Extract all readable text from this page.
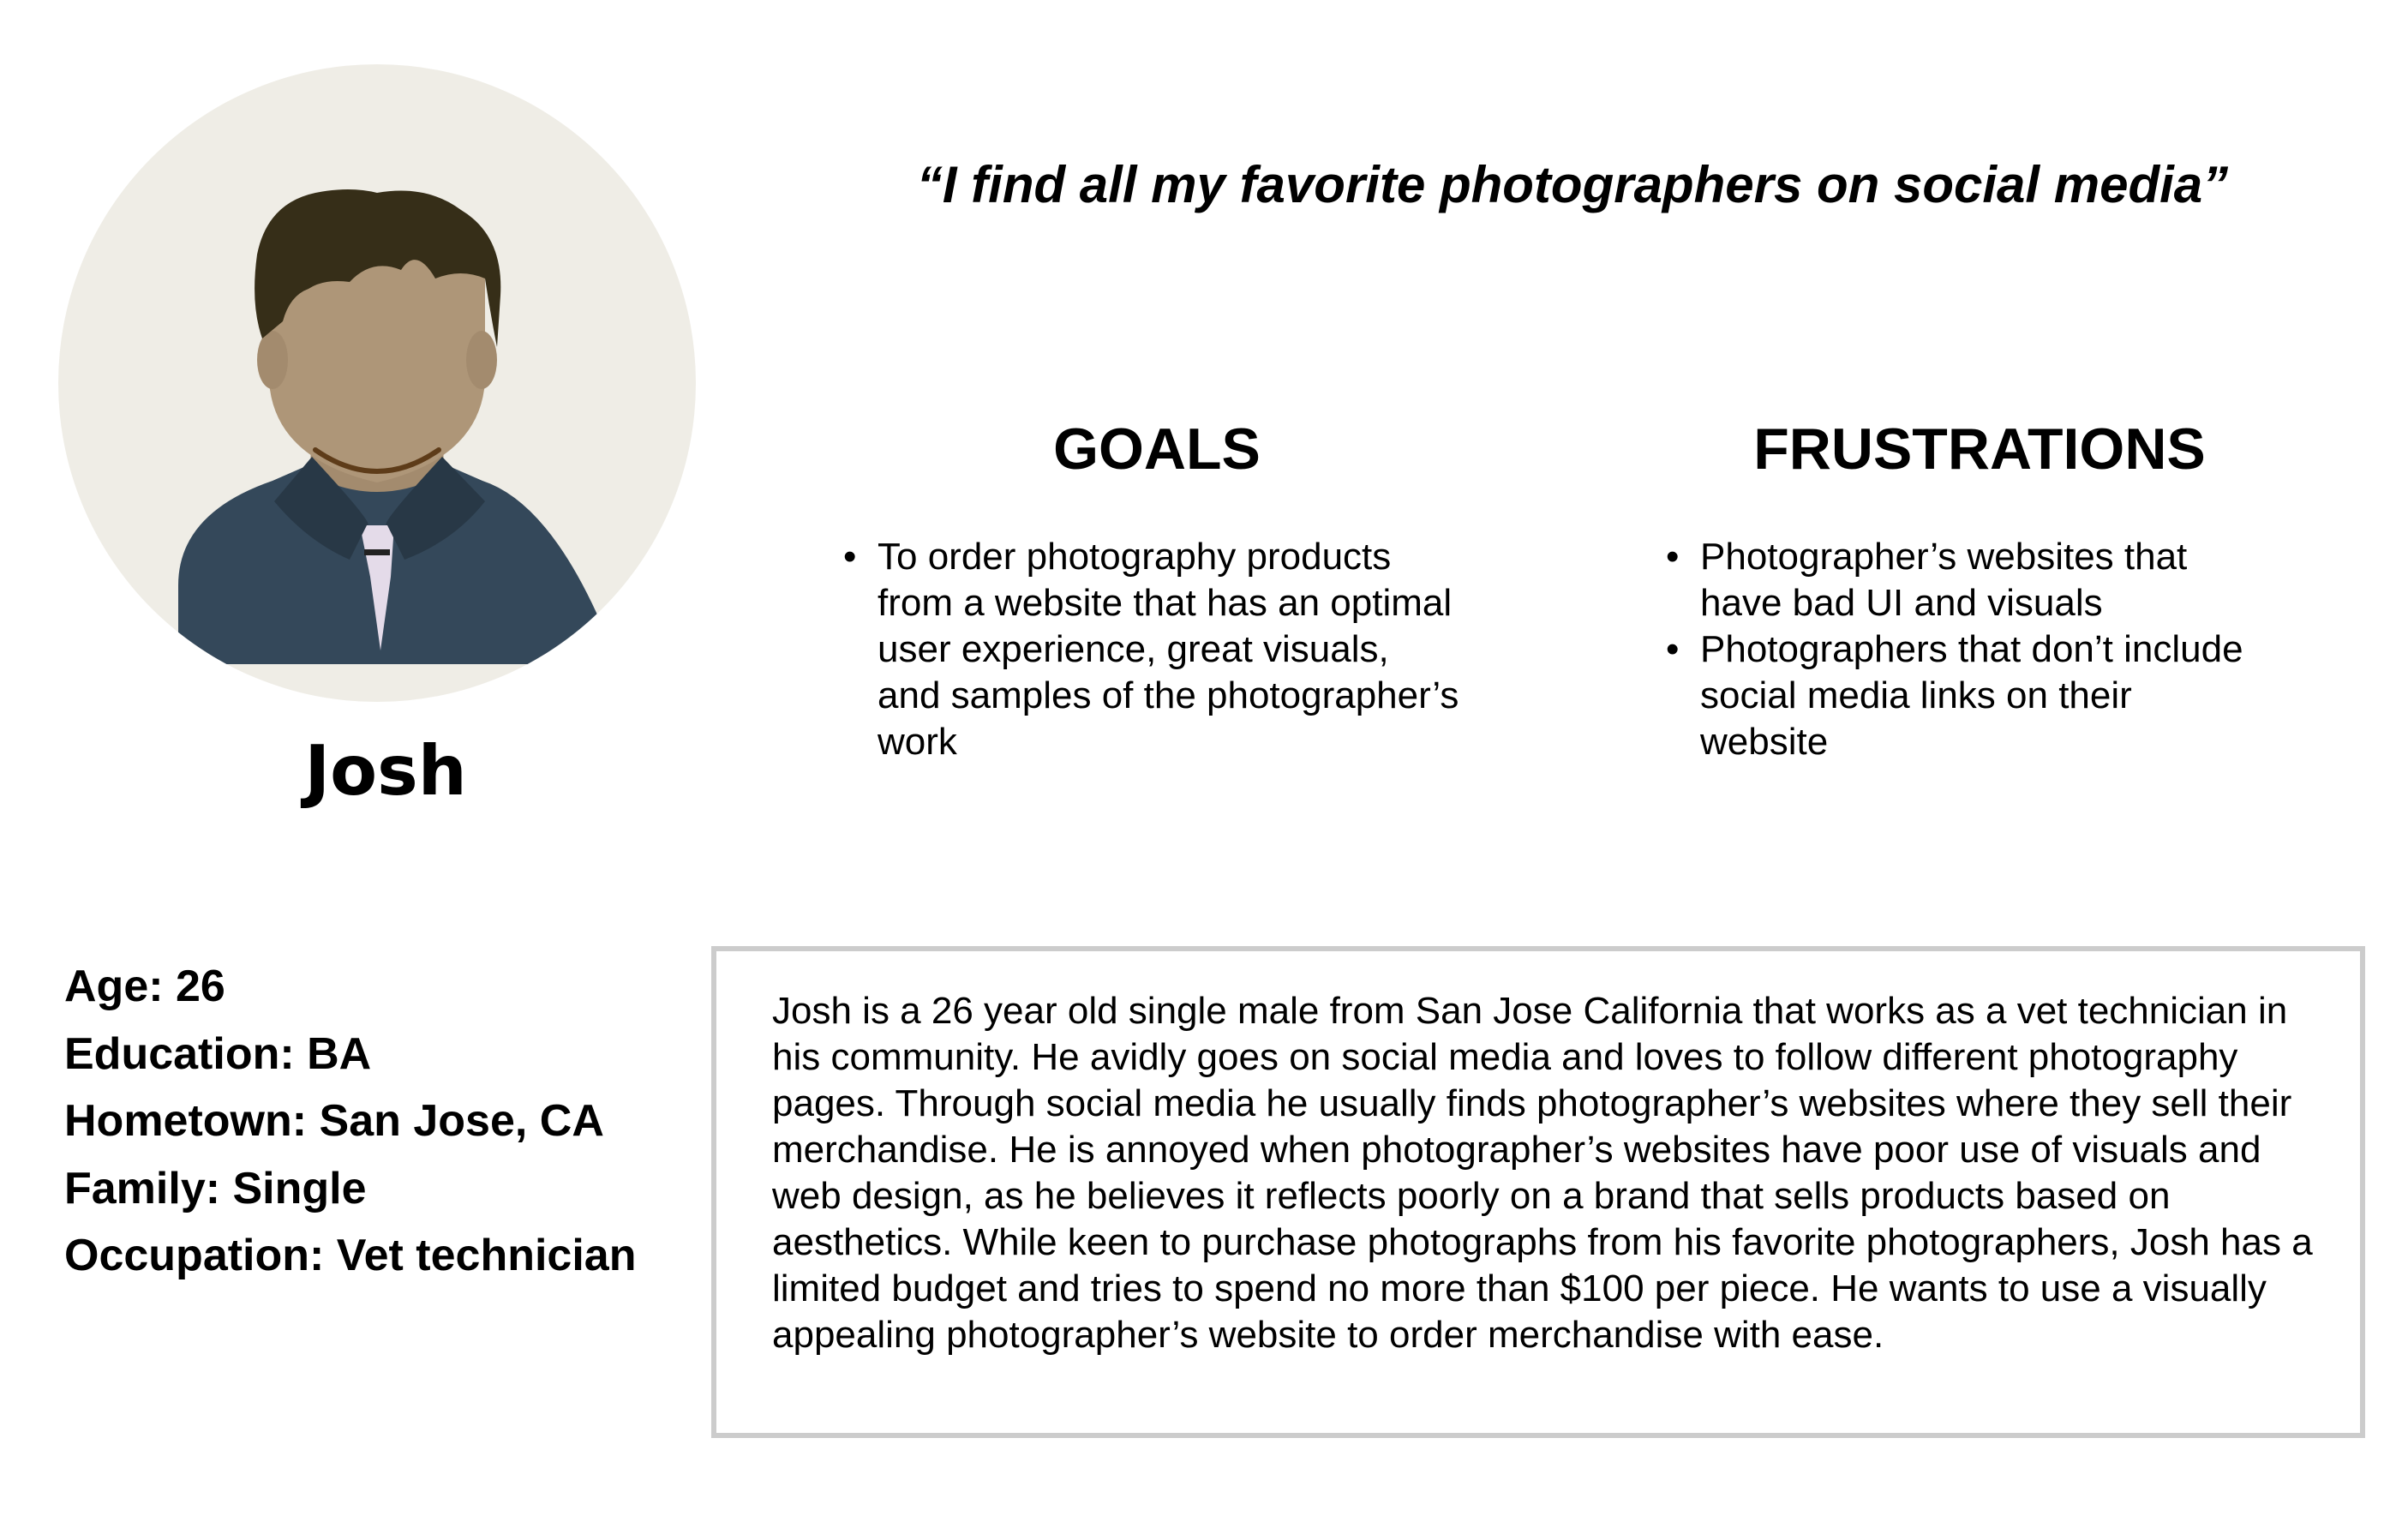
Josh

“I find all my favorite photographers on social media”

GOALS
• To order photography products from a website that has an optimal user experience, great visuals, and samples of the photographer’s work
FRUSTRATIONS
• Photographer’s websites that have bad UI and visuals
• Photographers that don’t include social media links on their website
Age: 26
Education: BA
Hometown: San Jose, CA
Family: Single
Occupation: Vet technician

Josh is a 26 year old single male from San Jose California that works as a vet technician in his community. He avidly goes on social media and loves to follow different photography pages. Through social media he usually finds photographer’s websites where they sell their merchandise. He is annoyed when photographer’s websites have poor use of visuals and web design, as he believes it reflects poorly on a brand that sells products based on aesthetics. While keen to purchase photographs from his favorite photographers, Josh has a limited budget and tries to spend no more than $100 per piece. He wants to use a visually appealing photographer’s website to order merchandise with ease.
